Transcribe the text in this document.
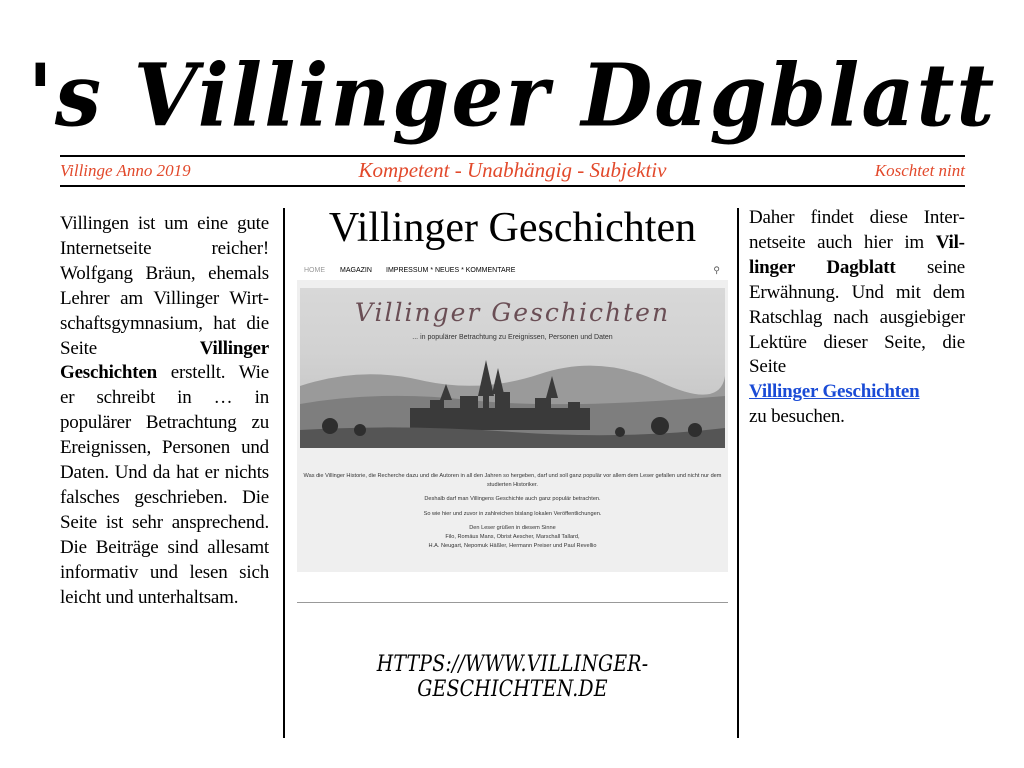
's Villinger Dagblatt
Villinge Anno 2019	Kompetent - Unabhängig - Subjektiv	Koschtet nint
Villingen ist um eine gute Internetseite reicher! Wolfgang Bräun, ehemals Lehrer am Villinger Wirtschaftsgymnasium, hat die Seite Villinger Geschichten erstellt. Wie er schreibt in … in populärer Betrachtung zu Ereignissen, Personen und Daten. Und da hat er nichts falsches geschrieben. Die Seite ist sehr ansprechend. Die Beiträge sind allesamt informativ und lesen sich leicht und unterhaltsam.
Villinger Geschichten
HOME MAGAZIN IMPRESSUM * NEUES * KOMMENTARE	⚲
Villinger Geschichten
... in populärer Betrachtung zu Ereignissen, Personen und Daten

Was die Villinger Historie, die Recherche dazu und die Autoren in all den Jahren so hergeben, darf und soll ganz populär vor allem dem Leser gefallen und nicht nur dem studierten Historiker.

Deshalb darf man Villingens Geschichte auch ganz populär betrachten.

So wie hier und zuvor in zahlreichen bislang lokalen Veröffentlichungen.

Den Leser grüßen in diesem Sinne

Filo, Romäus Mans, Obrist Aescher, Marschall Tallard,

H.A. Neugart, Nepomuk Häßler, Hermann Preiser und Paul Revellio

HTTPS://WWW.VILLINGER-GESCHICHTEN.DE
Daher findet diese Internetseite auch hier im Villinger Dagblatt seine Erwähnung. Und mit dem Ratschlag nach ausgiebiger Lektüre dieser Seite, die Seite
Villinger Geschichten
zu besuchen.
